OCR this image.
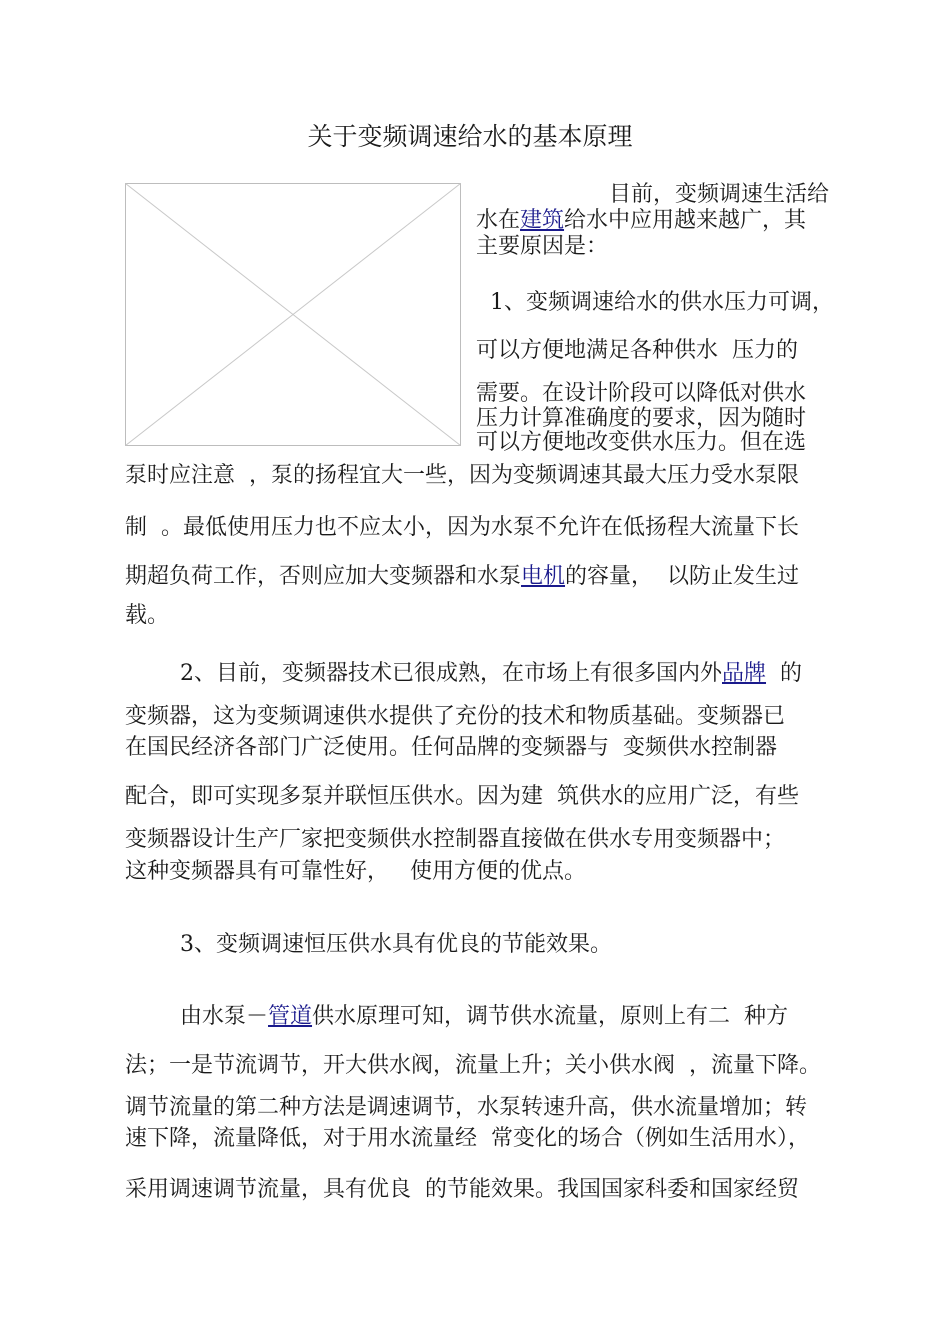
关于变频调速给水的基本原理
目前，变频调速生活给
水在建筑给水中应用越来越广，其
主要原因是：
1、变频调速给水的供水压力可调，
可以方便地满足各种供水  压力的
需要。在设计阶段可以降低对供水
压力计算准确度的要求，因为随时
可以方便地改变供水压力。但在选
泵时应注意  ，泵的扬程宜大一些，因为变频调速其最大压力受水泵限
制  。最低使用压力也不应太小，因为水泵不允许在低扬程大流量下长
期超负荷工作，否则应加大变频器和水泵电机的容量，  以防止发生过
载。
2、目前，变频器技术已很成熟，在市场上有很多国内外品牌  的
变频器，这为变频调速供水提供了充份的技术和物质基础。变频器已
在国民经济各部门广泛使用。任何品牌的变频器与  变频供水控制器
配合，即可实现多泵并联恒压供水。因为建  筑供水的应用广泛，有些
变频器设计生产厂家把变频供水控制器直接做在供水专用变频器中；
这种变频器具有可靠性好，   使用方便的优点。
3、变频调速恒压供水具有优良的节能效果。
由水泵－管道供水原理可知，调节供水流量，原则上有二  种方
法；一是节流调节，开大供水阀，流量上升；关小供水阀  ，流量下降。
调节流量的第二种方法是调速调节，水泵转速升高，供水流量增加；转
速下降，流量降低，对于用水流量经  常变化的场合（例如生活用水），
采用调速调节流量，具有优良  的节能效果。我国国家科委和国家经贸
